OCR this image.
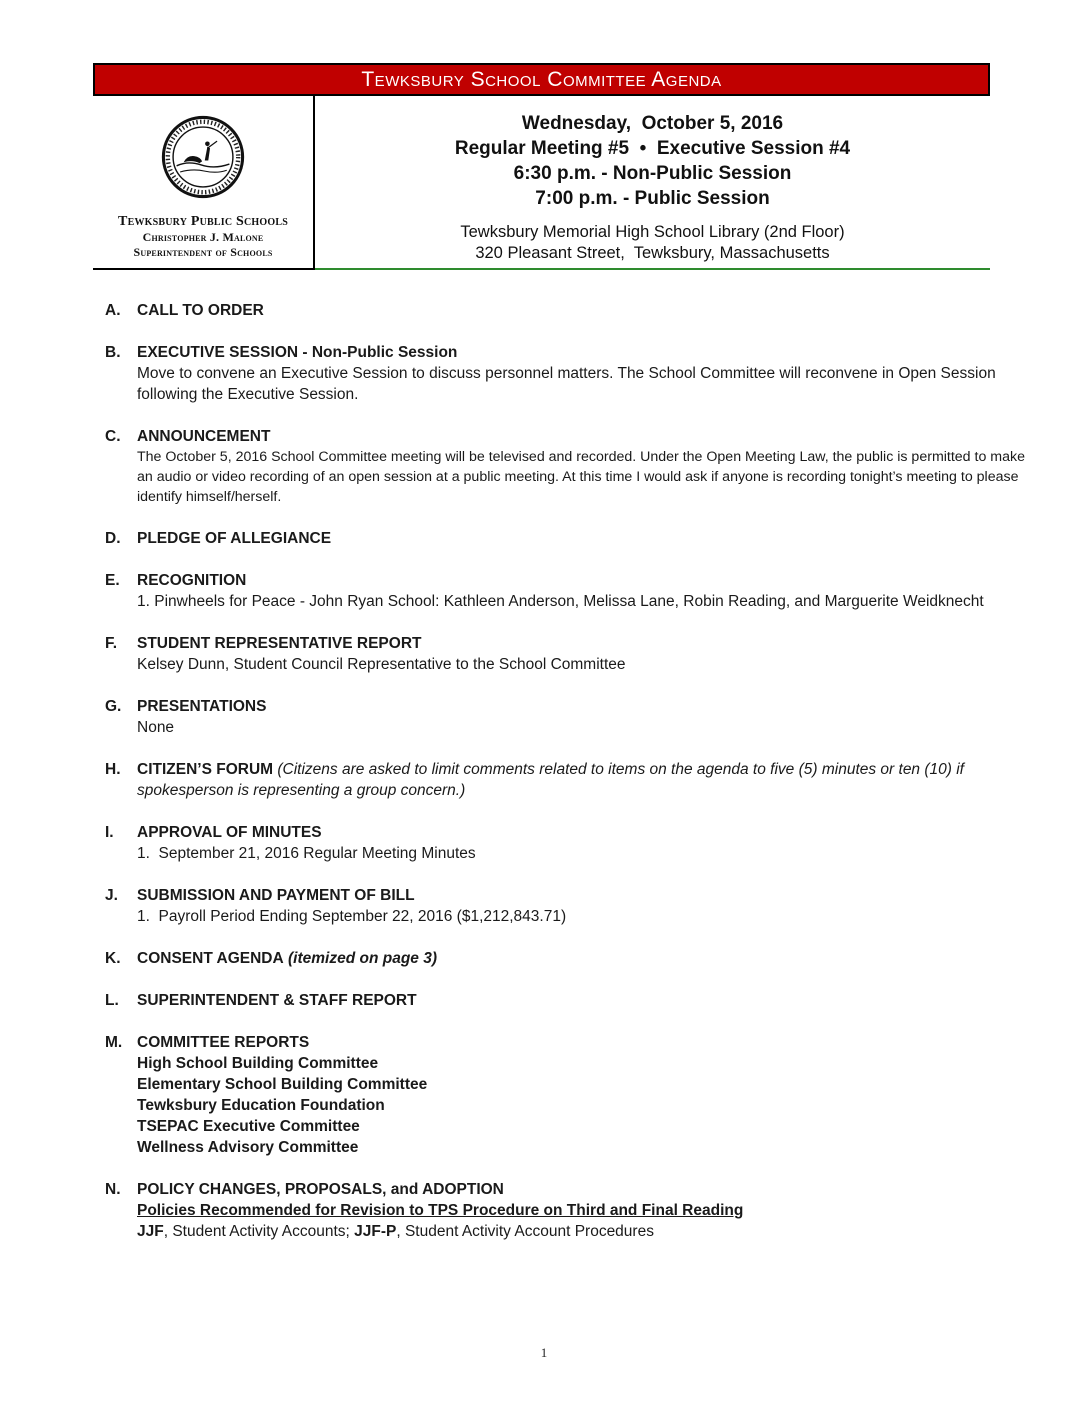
Tewksbury School Committee Agenda
Tewksbury Public Schools
Christopher J. Malone
Superintendent of Schools
Wednesday,  October 5, 2016
Regular Meeting #5  •  Executive Session #4
6:30 p.m. - Non-Public Session
7:00 p.m. - Public Session
Tewksbury Memorial High School Library (2nd Floor)
320 Pleasant Street,  Tewksbury, Massachusetts
A.	CALL TO ORDER
B.	EXECUTIVE SESSION - Non-Public Session
Move to convene an Executive Session to discuss personnel matters. The School Committee will reconvene in Open Session following the Executive Session.
C.	ANNOUNCEMENT
The October 5, 2016 School Committee meeting will be televised and recorded. Under the Open Meeting Law, the public is permitted to make an audio or video recording of an open session at a public meeting. At this time I would ask if anyone is recording tonight’s meeting to please identify himself/herself.
D.	PLEDGE OF ALLEGIANCE
E.	RECOGNITION
1. Pinwheels for Peace - John Ryan School: Kathleen Anderson, Melissa Lane, Robin Reading, and Marguerite Weidknecht
F.	STUDENT REPRESENTATIVE REPORT
Kelsey Dunn, Student Council Representative to the School Committee
G.	PRESENTATIONS
None
H.	CITIZEN’S FORUM (Citizens are asked to limit comments related to items on the agenda to five (5) minutes or ten (10) if spokesperson is representing a group concern.)
I.	APPROVAL OF MINUTES
1.  September 21, 2016 Regular Meeting Minutes
J.	SUBMISSION AND PAYMENT OF BILL
1.  Payroll Period Ending September 22, 2016 ($1,212,843.71)
K.	CONSENT AGENDA (itemized on page 3)
L.	SUPERINTENDENT & STAFF REPORT
M. COMMITTEE REPORTS
High School Building Committee
Elementary School Building Committee
Tewksbury Education Foundation
TSEPAC Executive Committee
Wellness Advisory Committee
N.	POLICY CHANGES, PROPOSALS, and ADOPTION
Policies Recommended for Revision to TPS Procedure on Third and Final Reading
JJF, Student Activity Accounts; JJF-P, Student Activity Account Procedures
1
